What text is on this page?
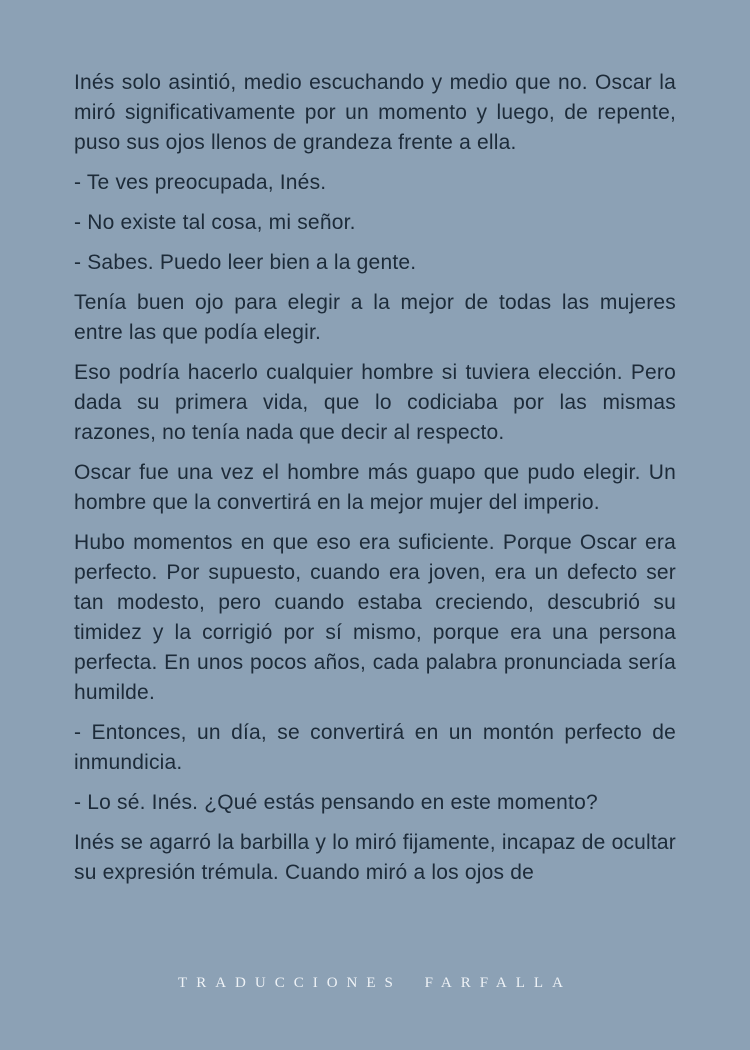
Inés solo asintió, medio escuchando y medio que no. Oscar la miró significativamente por un momento y luego, de repente, puso sus ojos llenos de grandeza frente a ella.

- Te ves preocupada, Inés.

- No existe tal cosa, mi señor.

- Sabes. Puedo leer bien a la gente.

Tenía buen ojo para elegir a la mejor de todas las mujeres entre las que podía elegir.

Eso podría hacerlo cualquier hombre si tuviera elección. Pero dada su primera vida, que lo codiciaba por las mismas razones, no tenía nada que decir al respecto.

Oscar fue una vez el hombre más guapo que pudo elegir. Un hombre que la convertirá en la mejor mujer del imperio.

Hubo momentos en que eso era suficiente. Porque Oscar era perfecto. Por supuesto, cuando era joven, era un defecto ser tan modesto, pero cuando estaba creciendo, descubrió su timidez y la corrigió por sí mismo, porque era una persona perfecta. En unos pocos años, cada palabra pronunciada sería humilde.

- Entonces, un día, se convertirá en un montón perfecto de inmundicia.

- Lo sé. Inés. ¿Qué estás pensando en este momento?

Inés se agarró la barbilla y lo miró fijamente, incapaz de ocultar su expresión trémula. Cuando miró a los ojos de

TRADUCCIONES FARFALLA
